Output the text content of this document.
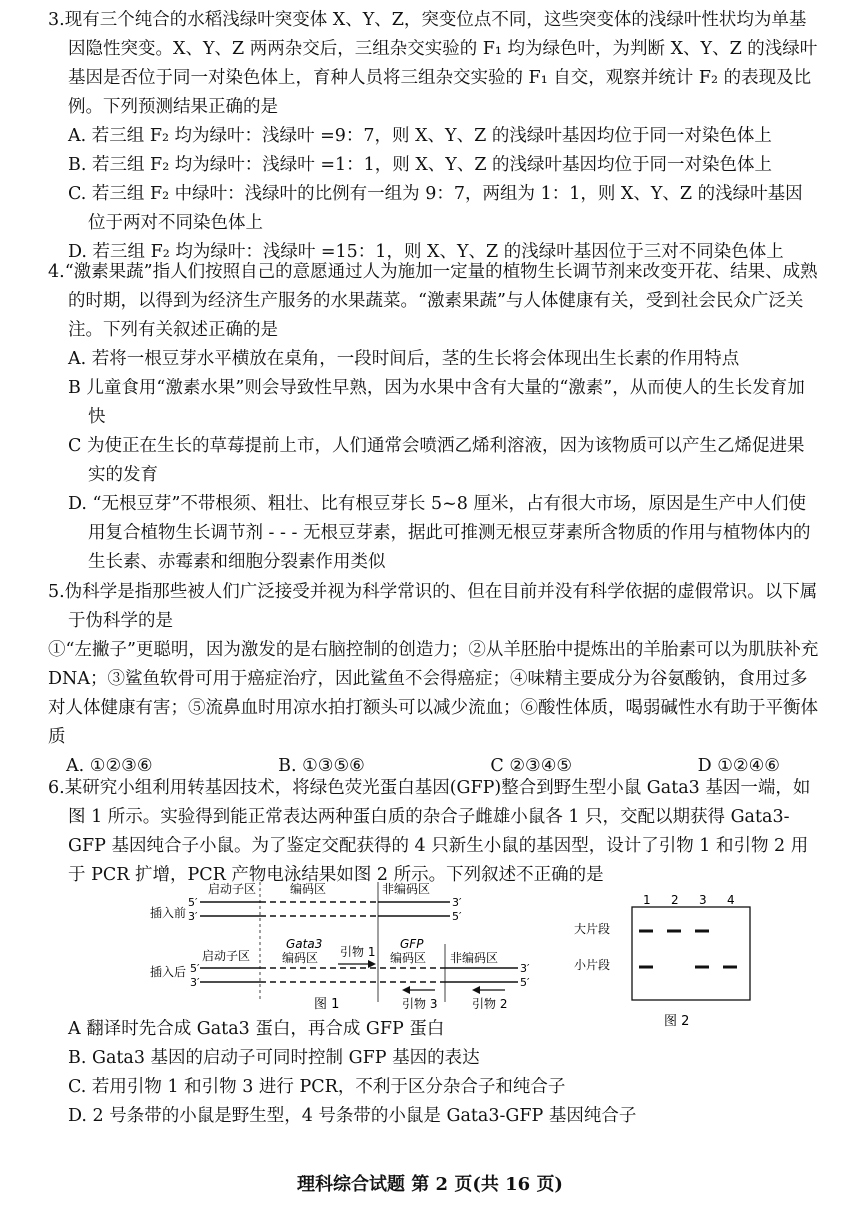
3.现有三个纯合的水稻浅绿叶突变体 X、Y、Z，突变位点不同，这些突变体的浅绿叶性状均为单基因隐性突变。X、Y、Z 两两杂交后，三组杂交实验的 F₁ 均为绿色叶，为判断 X、Y、Z 的浅绿叶基因是否位于同一对染色体上，育种人员将三组杂交实验的 F₁ 自交，观察并统计 F₂ 的表现及比例。下列预测结果正确的是

A. 若三组 F₂ 均为绿叶：浅绿叶 =9：7，则 X、Y、Z 的浅绿叶基因均位于同一对染色体上

B. 若三组 F₂ 均为绿叶：浅绿叶 =1：1，则 X、Y、Z 的浅绿叶基因均位于同一对染色体上

C. 若三组 F₂ 中绿叶：浅绿叶的比例有一组为 9：7，两组为 1：1，则 X、Y、Z 的浅绿叶基因位于两对不同染色体上

D. 若三组 F₂ 均为绿叶：浅绿叶 =15：1，则 X、Y、Z 的浅绿叶基因位于三对不同染色体上

4.“激素果蔬”指人们按照自己的意愿通过人为施加一定量的植物生长调节剂来改变开花、结果、成熟的时期，以得到为经济生产服务的水果蔬菜。“激素果蔬”与人体健康有关，受到社会民众广泛关注。下列有关叙述正确的是

A. 若将一根豆芽水平横放在桌角，一段时间后，茎的生长将会体现出生长素的作用特点

B 儿童食用“激素水果”则会导致性早熟，因为水果中含有大量的“激素”，从而使人的生长发育加快

C 为使正在生长的草莓提前上市，人们通常会喷洒乙烯利溶液，因为该物质可以产生乙烯促进果实的发育

D. “无根豆芽”不带根须、粗壮、比有根豆芽长 5~8 厘米，占有很大市场，原因是生产中人们使用复合植物生长调节剂 - - - 无根豆芽素，据此可推测无根豆芽素所含物质的作用与植物体内的生长素、赤霉素和细胞分裂素作用类似

5.伪科学是指那些被人们广泛接受并视为科学常识的、但在目前并没有科学依据的虚假常识。以下属于伪科学的是

①“左撇子”更聪明，因为激发的是右脑控制的创造力；②从羊胚胎中提炼出的羊胎素可以为肌肤补充 DNA；③鲨鱼软骨可用于癌症治疗，因此鲨鱼不会得癌症；④味精主要成分为谷氨酸钠，食用过多对人体健康有害；⑤流鼻血时用凉水拍打额头可以减少流血；⑥酸性体质，喝弱碱性水有助于平衡体质

A. ①②③⑥	B. ①③⑤⑥	C ②③④⑤	D ①②④⑥

6.某研究小组利用转基因技术，将绿色荧光蛋白基因(GFP)整合到野生型小鼠 Gata3 基因一端，如图 1 所示。实验得到能正常表达两种蛋白质的杂合子雌雄小鼠各 1 只，交配以期获得 Gata3-GFP 基因纯合子小鼠。为了鉴定交配获得的 4 只新生小鼠的基因型，设计了引物 1 和引物 2 用于 PCR 扩增，PCR 产物电泳结果如图 2 所示。下列叙述不正确的是

启动子区	编码区	非编码区
5′
3′
插入前
3′
5′
启动子区
Gata3
编码区 引物 1
GFP
编码区 非编码区
插入后 5′
3′
3′
5′
引物 3	引物 2
图 1
大片段
小片段
图 2
1 2 3 4

A 翻译时先合成 Gata3 蛋白，再合成 GFP 蛋白
B. Gata3 基因的启动子可同时控制 GFP 基因的表达
C. 若用引物 1 和引物 3 进行 PCR，不利于区分杂合子和纯合子
D. 2 号条带的小鼠是野生型，4 号条带的小鼠是 Gata3-GFP 基因纯合子

理科综合试题 第 2 页(共 16 页)
